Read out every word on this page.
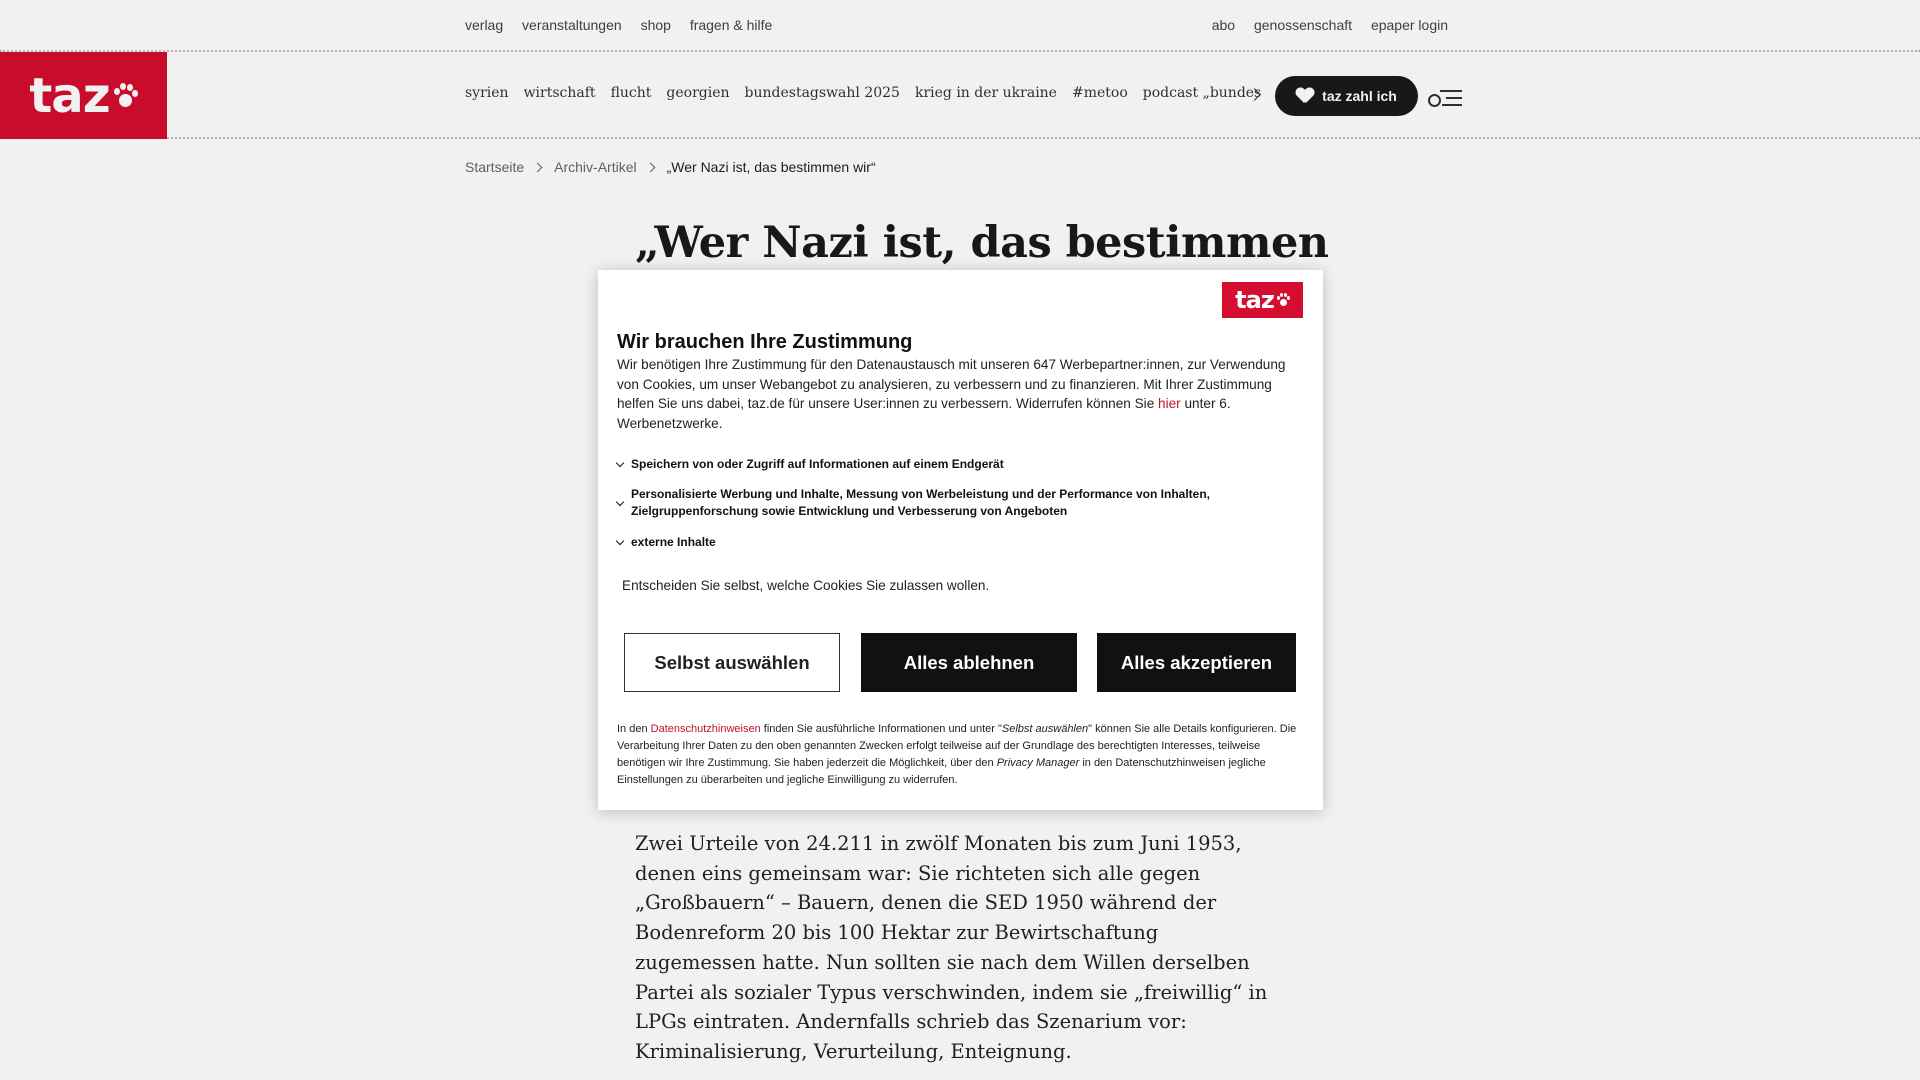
verlag veranstaltungen shop fragen & hilfe	abo genossenschaft epaper login
taz	syrien wirtschaft flucht georgien bundestagswahl 2025 krieg in der ukraine #metoo podcast „bundes	taz zahl ich
Startseite Archiv-Artikel „Wer Nazi ist, das bestimmen wir“
„Wer Nazi ist, das bestimmen

Zwei Urteile von 24.211 in zwölf Monaten bis zum Juni 1953, denen eins gemeinsam war: Sie richteten sich alle gegen „Großbauern“ – Bauern, denen die SED 1950 während der Bodenreform 20 bis 100 Hektar zur Bewirtschaftung zugemessen hatte. Nun sollten sie nach dem Willen derselben Partei als sozialer Typus verschwinden, indem sie „freiwillig“ in LPGs eintraten. Andernfalls schrieb das Szenarium vor: Kriminalisierung, Verurteilung, Enteignung.

taz
Wir brauchen Ihre Zustimmung

Wir benötigen Ihre Zustimmung für den Datenaustausch mit unseren 647 Werbepartner:innen, zur Verwendung von Cookies, um unser Webangebot zu analysieren, zu verbessern und zu finanzieren. Mit Ihrer Zustimmung helfen Sie uns dabei, taz.de für unsere User:innen zu verbessern. Widerrufen können Sie hier unter 6. Werbenetzwerke.

Speichern von oder Zugriff auf Informationen auf einem Endgerät
Personalisierte Werbung und Inhalte, Messung von Werbeleistung und der Performance von Inhalten, Zielgruppenforschung sowie Entwicklung und Verbesserung von Angeboten
externe Inhalte

Entscheiden Sie selbst, welche Cookies Sie zulassen wollen.

Selbst auswählen	Alles ablehnen	Alles akzeptieren

In den Datenschutzhinweisen finden Sie ausführliche Informationen und unter "Selbst auswählen" können Sie alle Details konfigurieren. Die Verarbeitung Ihrer Daten zu den oben genannten Zwecken erfolgt teilweise auf der Grundlage des berechtigten Interesses, teilweise benötigen wir Ihre Zustimmung. Sie haben jederzeit die Möglichkeit, über den Privacy Manager in den Datenschutzhinweisen jegliche Einstellungen zu überarbeiten und jegliche Einwilligung zu widerrufen.
